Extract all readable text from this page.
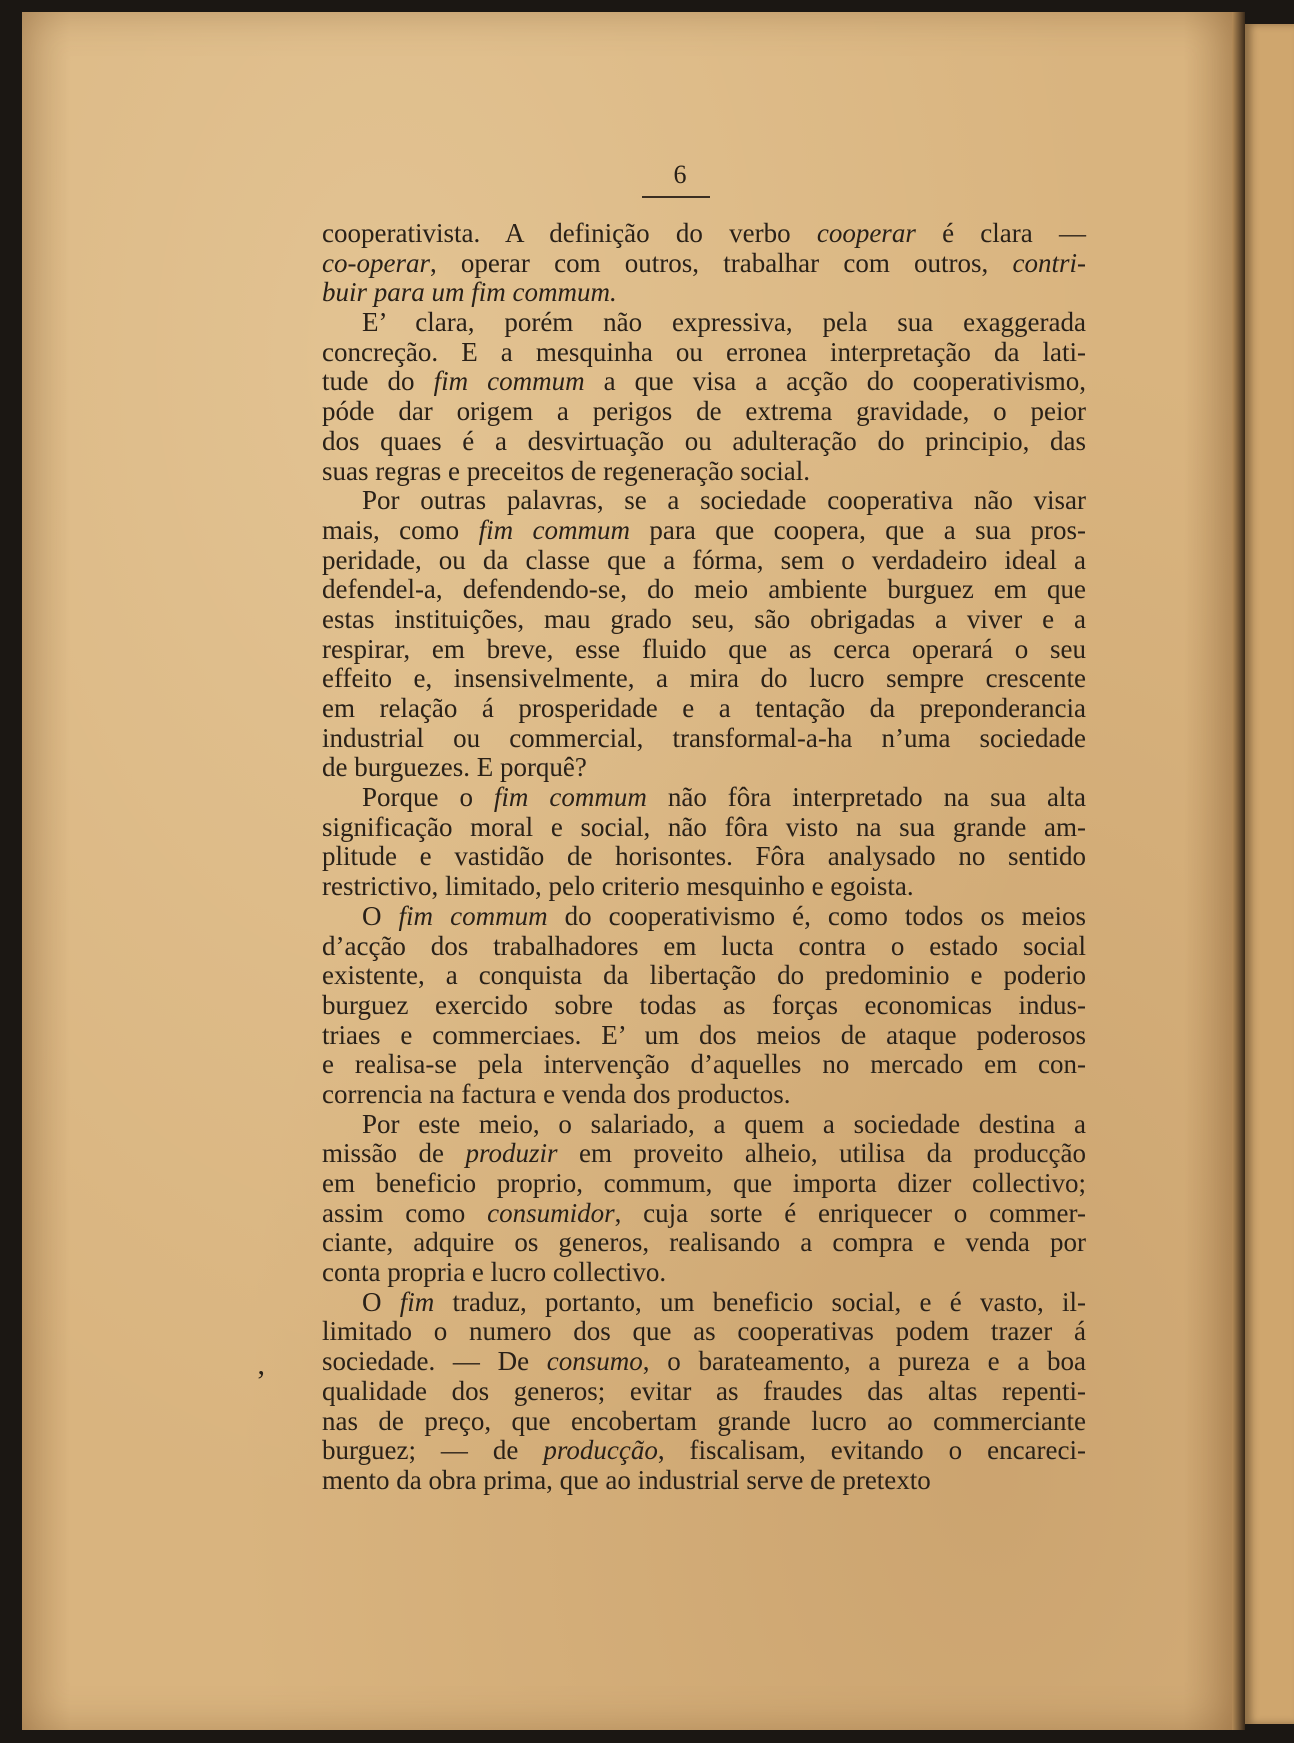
6
cooperativista. A definição do verbo cooperar é clara —
co-operar, operar com outros, trabalhar com outros, contri-
buir para um fim commum.
E’ clara, porém não expressiva, pela sua exaggerada
concreção. E a mesquinha ou erronea interpretação da lati-
tude do fim commum a que visa a acção do cooperativismo,
póde dar origem a perigos de extrema gravidade, o peior
dos quaes é a desvirtuação ou adulteração do principio, das
suas regras e preceitos de regeneração social.
Por outras palavras, se a sociedade cooperativa não visar
mais, como fim commum para que coopera, que a sua pros-
peridade, ou da classe que a fórma, sem o verdadeiro ideal a
defendel-a, defendendo-se, do meio ambiente burguez em que
estas instituições, mau grado seu, são obrigadas a viver e a
respirar, em breve, esse fluido que as cerca operará o seu
effeito e, insensivelmente, a mira do lucro sempre crescente
em relação á prosperidade e a tentação da preponderancia
industrial ou commercial, transformal-a-ha n’uma sociedade
de burguezes. E porquê?
Porque o fim commum não fôra interpretado na sua alta
significação moral e social, não fôra visto na sua grande am-
plitude e vastidão de horisontes. Fôra analysado no sentido
restrictivo, limitado, pelo criterio mesquinho e egoista.
O fim commum do cooperativismo é, como todos os meios
d’acção dos trabalhadores em lucta contra o estado social
existente, a conquista da libertação do predominio e poderio
burguez exercido sobre todas as forças economicas indus-
triaes e commerciaes. E’ um dos meios de ataque poderosos
e realisa-se pela intervenção d’aquelles no mercado em con-
correncia na factura e venda dos productos.
Por este meio, o salariado, a quem a sociedade destina a
missão de produzir em proveito alheio, utilisa da producção
em beneficio proprio, commum, que importa dizer collectivo;
assim como consumidor, cuja sorte é enriquecer o commer-
ciante, adquire os generos, realisando a compra e venda por
conta propria e lucro collectivo.
O fim traduz, portanto, um beneficio social, e é vasto, il-
limitado o numero dos que as cooperativas podem trazer á
sociedade. — De consumo, o barateamento, a pureza e a boa
qualidade dos generos; evitar as fraudes das altas repenti-
nas de preço, que encobertam grande lucro ao commerciante
burguez; — de producção, fiscalisam, evitando o encareci-
mento da obra prima, que ao industrial serve de pretexto
ʼ
